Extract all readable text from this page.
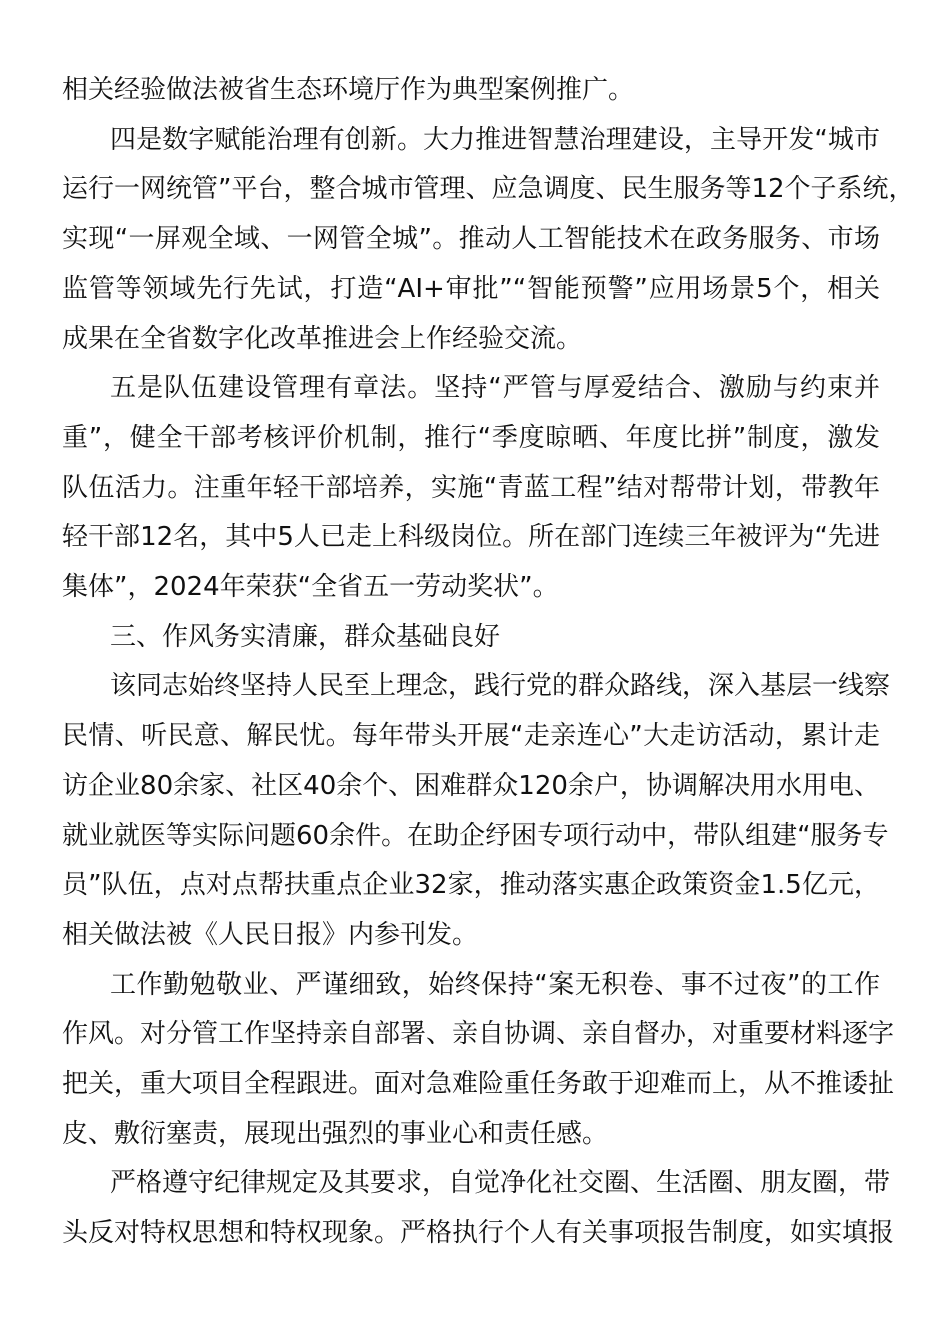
相关经验做法被省生态环境厅作为典型案例推广。
四是数字赋能治理有创新。大力推进智慧治理建设，主导开发“城市
运行一网统管”平台，整合城市管理、应急调度、民生服务等12个子系统，
实现“一屏观全域、一网管全城”。推动人工智能技术在政务服务、市场
监管等领域先行先试，打造“AI+审批”“智能预警”应用场景5个，相关
成果在全省数字化改革推进会上作经验交流。
五是队伍建设管理有章法。坚持“严管与厚爱结合、激励与约束并
重”，健全干部考核评价机制，推行“季度晾晒、年度比拼”制度，激发
队伍活力。注重年轻干部培养，实施“青蓝工程”结对帮带计划，带教年
轻干部12名，其中5人已走上科级岗位。所在部门连续三年被评为“先进
集体”，2024年荣获“全省五一劳动奖状”。
三、作风务实清廉，群众基础良好
该同志始终坚持人民至上理念，践行党的群众路线，深入基层一线察
民情、听民意、解民忧。每年带头开展“走亲连心”大走访活动，累计走
访企业80余家、社区40余个、困难群众120余户，协调解决用水用电、
就业就医等实际问题60余件。在助企纾困专项行动中，带队组建“服务专
员”队伍，点对点帮扶重点企业32家，推动落实惠企政策资金1.5亿元，
相关做法被《人民日报》内参刊发。
工作勤勉敬业、严谨细致，始终保持“案无积卷、事不过夜”的工作
作风。对分管工作坚持亲自部署、亲自协调、亲自督办，对重要材料逐字
把关，重大项目全程跟进。面对急难险重任务敢于迎难而上，从不推诿扯
皮、敷衍塞责，展现出强烈的事业心和责任感。
严格遵守纪律规定及其要求，自觉净化社交圈、生活圈、朋友圈，带
头反对特权思想和特权现象。严格执行个人有关事项报告制度，如实填报
